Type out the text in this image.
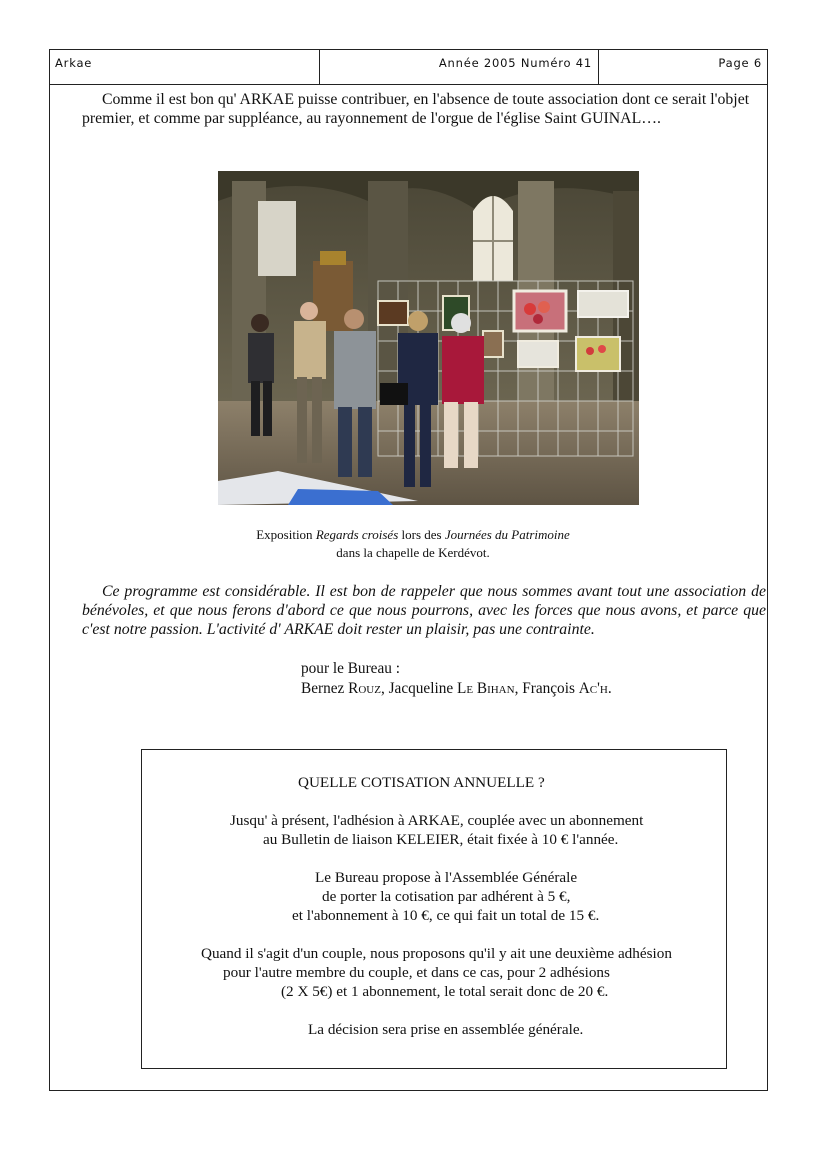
Arkae	Année 2005 Numéro 41	Page 6

Comme il est bon qu' ARKAE puisse contribuer, en l'absence de toute association dont ce serait l'objet premier, et comme par suppléance, au rayonnement de l'orgue de l'église Saint GUINAL….

Exposition Regards croisés lors des Journées du Patrimoine
dans la chapelle de Kerdévot.

Ce programme est considérable. Il est bon de rappeler que nous sommes avant tout une association de bénévoles, et que nous ferons d'abord ce que nous pourrons, avec les forces que nous avons, et parce que c'est notre passion. L'activité d' ARKAE doit rester un plaisir, pas une contrainte.

pour le Bureau :
Bernez Rouz, Jacqueline Le Bihan, François Ac'h.
QUELLE COTISATION ANNUELLE ?
Jusqu' à présent, l'adhésion à ARKAE, couplée avec un abonnement
au Bulletin de liaison KELEIER, était fixée à 10 € l'année.
Le Bureau propose à l'Assemblée Générale
de porter la cotisation par adhérent à 5 €,
et l'abonnement à 10 €, ce qui fait un total de 15 €.
Quand il s'agit d'un couple, nous proposons qu'il y ait une deuxième adhésion
pour l'autre membre du couple, et dans ce cas, pour 2 adhésions
(2 X 5€) et 1 abonnement, le total serait donc de 20 €.
La décision sera prise en assemblée générale.
